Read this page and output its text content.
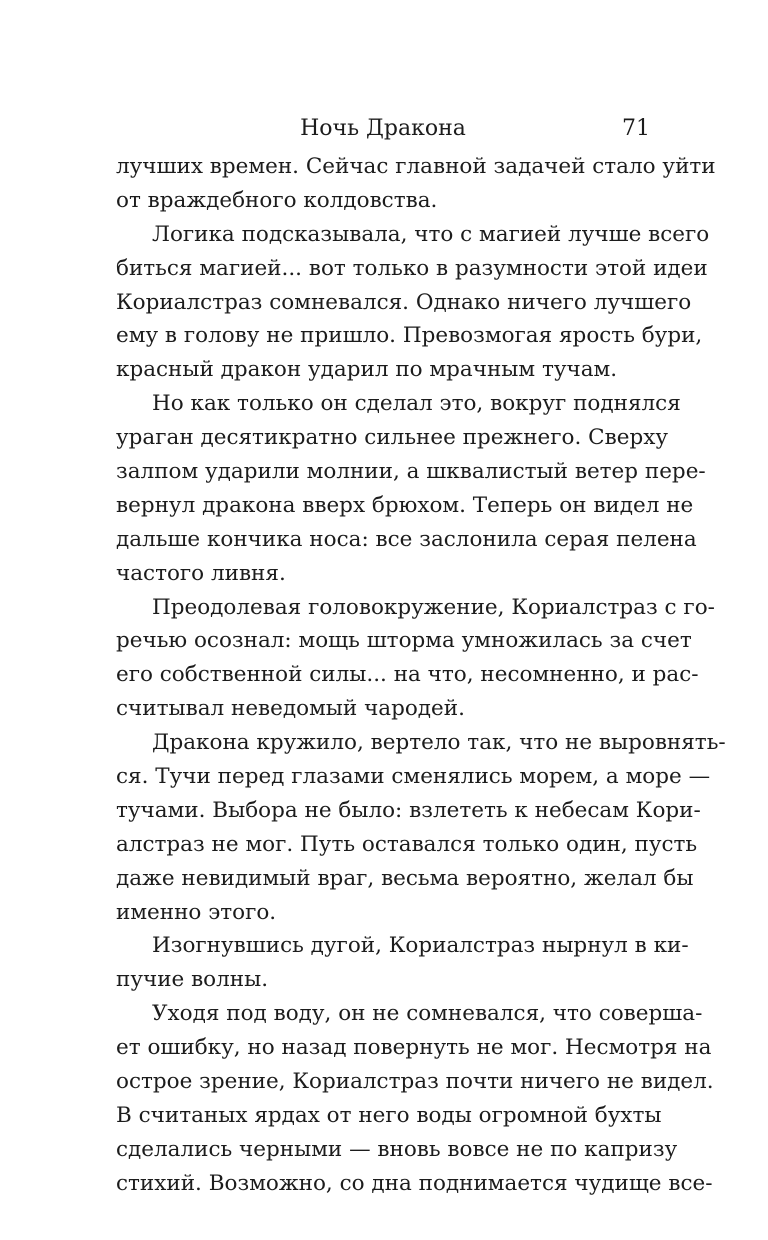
Ночь Дракона	71
лучших времен. Сейчас главной задачей стало уйти
от враждебного колдовства.
Логика подсказывала, что с магией лучше всего
биться магией... вот только в разумности этой идеи
Кориалстраз сомневался. Однако ничего лучшего
ему в голову не пришло. Превозмогая ярость бури,
красный дракон ударил по мрачным тучам.
Но как только он сделал это, вокруг поднялся
ураган десятикратно сильнее прежнего. Сверху
залпом ударили молнии, а шквалистый ветер пере-
вернул дракона вверх брюхом. Теперь он видел не
дальше кончика носа: все заслонила серая пелена
частого ливня.
Преодолевая головокружение, Кориалстраз с го-
речью осознал: мощь шторма умножилась за счет
его собственной силы... на что, несомненно, и рас-
считывал неведомый чародей.
Дракона кружило, вертело так, что не выровнять-
ся. Тучи перед глазами сменялись морем, а море —
тучами. Выбора не было: взлететь к небесам Кори-
алстраз не мог. Путь оставался только один, пусть
даже невидимый враг, весьма вероятно, желал бы
именно этого.
Изогнувшись дугой, Кориалстраз нырнул в ки-
пучие волны.
Уходя под воду, он не сомневался, что соверша-
ет ошибку, но назад повернуть не мог. Несмотря на
острое зрение, Кориалстраз почти ничего не видел.
В считаных ярдах от него воды огромной бухты
сделались черными — вновь вовсе не по капризу
стихий. Возможно, со дна поднимается чудище все-
